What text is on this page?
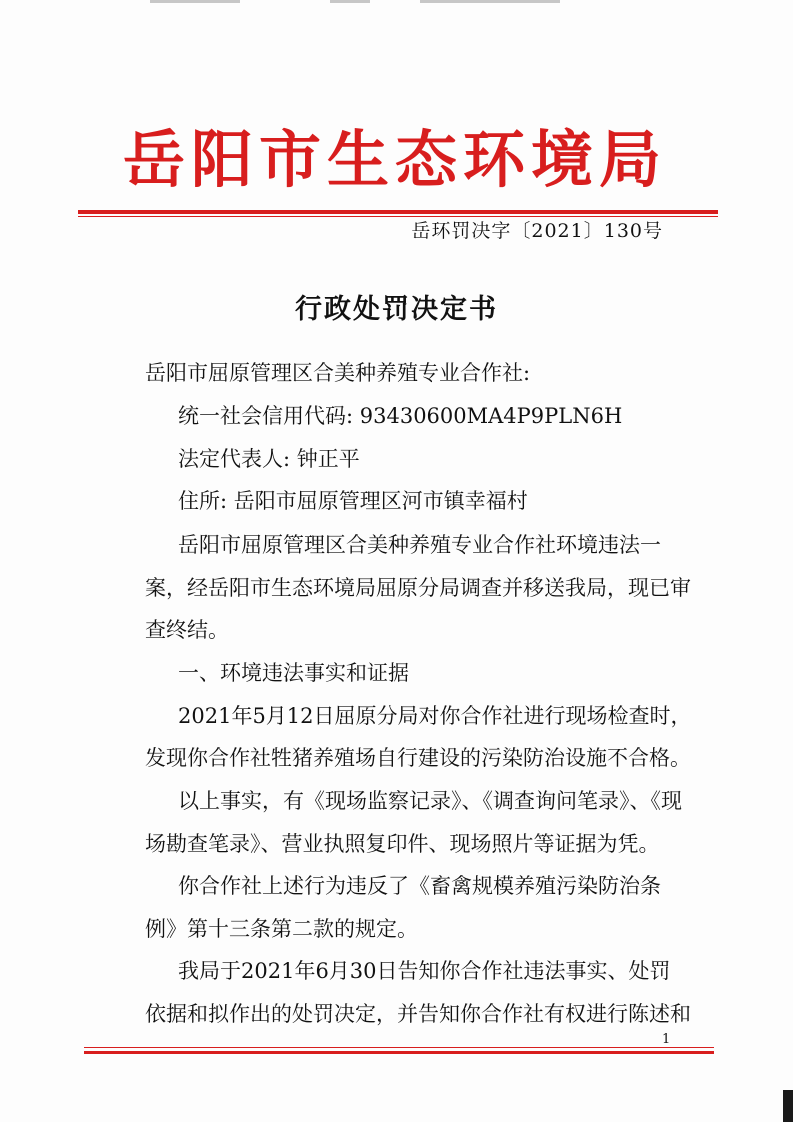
岳阳市生态环境局
岳环罚决字〔2021〕130号
行政处罚决定书
岳阳市屈原管理区合美种养殖专业合作社:
统一社会信用代码: 93430600MA4P9PLN6H
法定代表人: 钟正平
住所: 岳阳市屈原管理区河市镇幸福村
岳阳市屈原管理区合美种养殖专业合作社环境违法一
案，经岳阳市生态环境局屈原分局调查并移送我局，现已审
查终结。
一、环境违法事实和证据
2021年5月12日屈原分局对你合作社进行现场检查时，
发现你合作社牲猪养殖场自行建设的污染防治设施不合格。
以上事实，有《现场监察记录》、《调查询问笔录》、《现
场勘查笔录》、营业执照复印件、现场照片等证据为凭。
你合作社上述行为违反了《畜禽规模养殖污染防治条
例》第十三条第二款的规定。
我局于2021年6月30日告知你合作社违法事实、处罚
依据和拟作出的处罚决定，并告知你合作社有权进行陈述和
1
